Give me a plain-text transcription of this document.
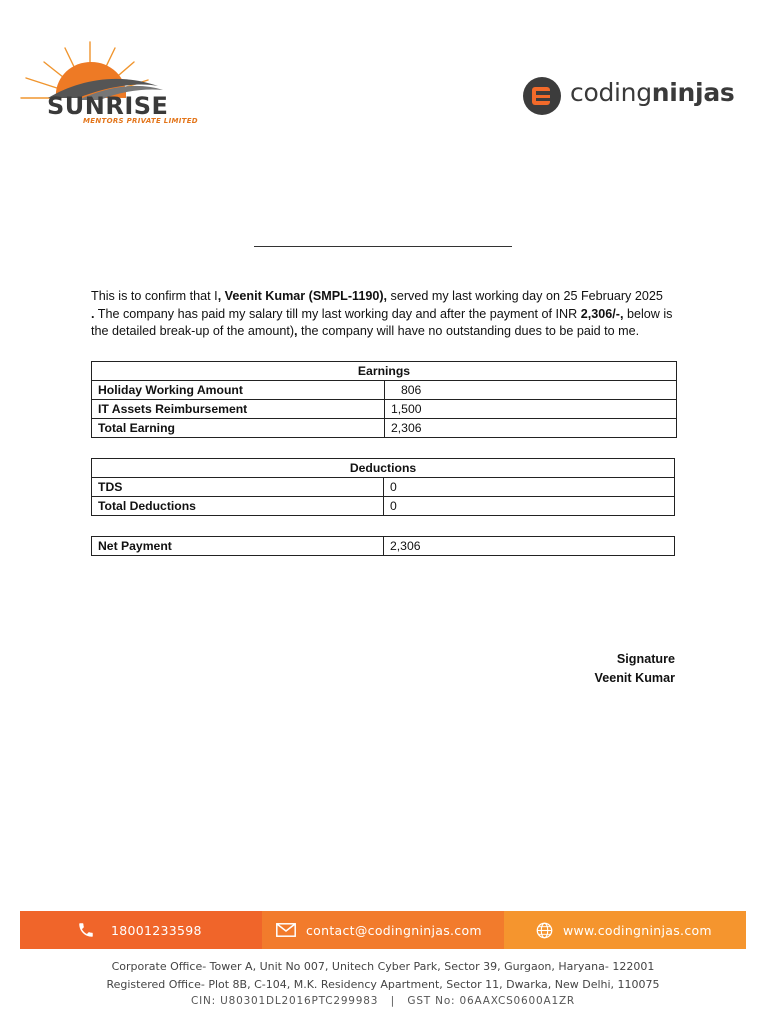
SUNRISE
MENTORS PRIVATE LIMITED
codingninjas
This is to confirm that I, Veenit Kumar (SMPL-1190), served my last working day on 25 February 2025
. The company has paid my salary till my last working day and after the payment of INR 2,306/-, below is the detailed break-up of the amount), the company will have no outstanding dues to be paid to me.
Earnings	
Holiday Working Amount	806
IT Assets Reimbursement	1,500
Total Earning	2,306
Deductions	
TDS	0
Total Deductions	0
Net Payment	2,306
Signature
Veenit Kumar
18001233598	contact@codingninjas.com	www.codingninjas.com
Corporate Office- Tower A, Unit No 007, Unitech Cyber Park, Sector 39, Gurgaon, Haryana- 122001
Registered Office- Plot 8B, C-104, M.K. Residency Apartment, Sector 11, Dwarka, New Delhi, 110075
CIN: U80301DL2016PTC299983 | GST No: 06AAXCS0600A1ZR
